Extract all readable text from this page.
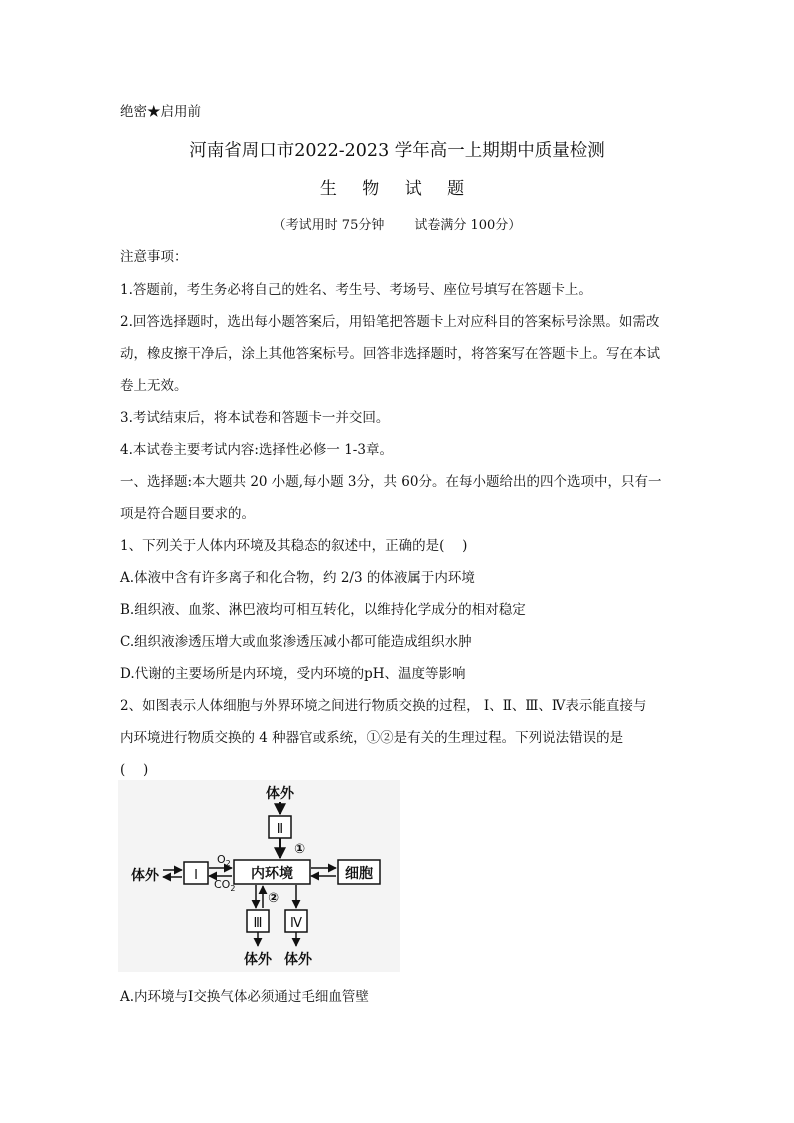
绝密★启用前
河南省周口市2022-2023 学年高一上期期中质量检测
生 物 试 题
（考试用时 75分钟 试卷满分 100分）
注意事项：
1.答题前，考生务必将自己的姓名、考生号、考场号、座位号填写在答题卡上。
2.回答选择题时，选出每小题答案后，用铅笔把答题卡上对应科目的答案标号涂黑。如需改
动，橡皮擦干净后，涂上其他答案标号。回答非选择题时，将答案写在答题卡上。写在本试
卷上无效。
3.考试结束后，将本试卷和答题卡一并交回。
4.本试卷主要考试内容:选择性必修一 1-3章。
一、选择题:本大题共 20 小题,每小题 3分，共 60分。在每小题给出的四个选项中，只有一
项是符合题目要求的。
1、下列关于人体内环境及其稳态的叙述中，正确的是(　 )
A.体液中含有许多离子和化合物，约 2/3 的体液属于内环境
B.组织液、血浆、淋巴液均可相互转化，以维持化学成分的相对稳定
C.组织液渗透压增大或血浆渗透压减小都可能造成组织水肿
D.代谢的主要场所是内环境，受内环境的pH、温度等影响
2、如图表示人体细胞与外界环境之间进行物质交换的过程， Ⅰ、Ⅱ、Ⅲ、Ⅳ表示能直接与
内环境进行物质交换的 4 种器官或系统，①②是有关的生理过程。下列说法错误的是
(　 )
体外
Ⅱ
①
体外	Ⅰ
$O_2$
$CO_2$
内环境	细胞
②
Ⅲ Ⅳ
体外 体外
A.内环境与Ⅰ交换气体必须通过毛细血管壁
